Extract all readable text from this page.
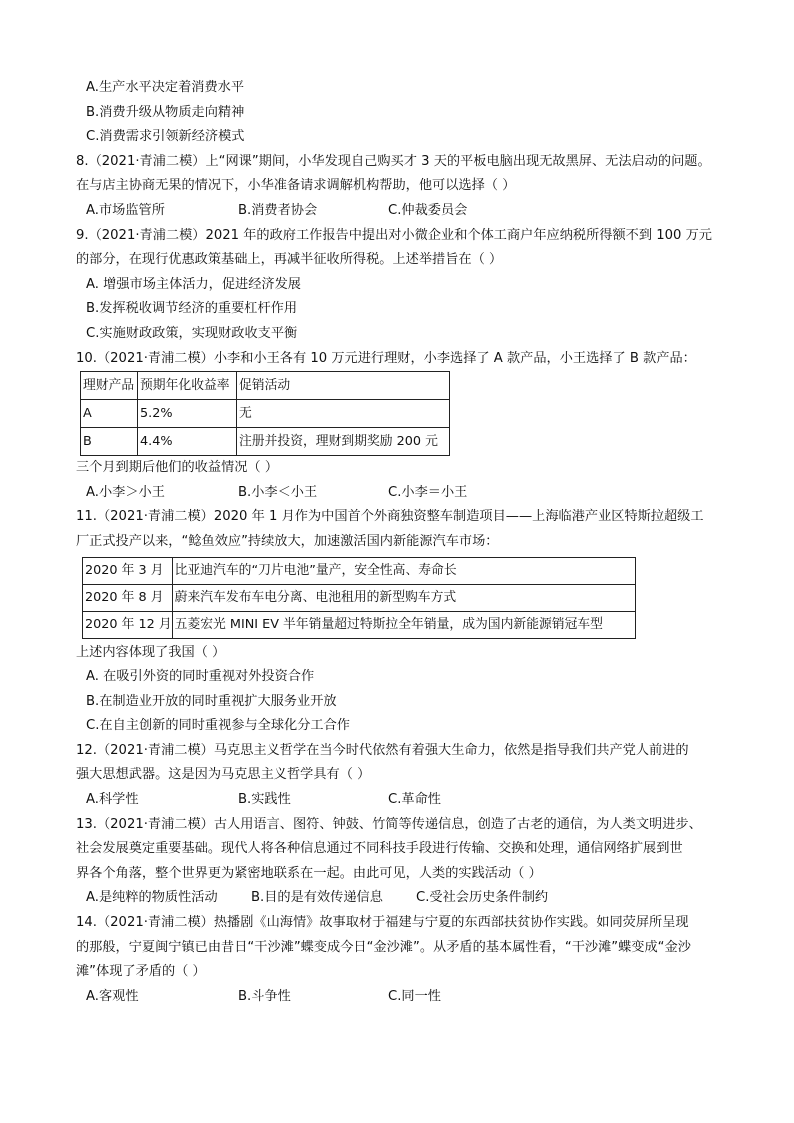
A.生产水平决定着消费水平
B.消费升级从物质走向精神
C.消费需求引领新经济模式
8.（2021·青浦二模）上“网课”期间，小华发现自己购买才 3 天的平板电脑出现无故黑屏、无法启动的问题。
在与店主协商无果的情况下，小华准备请求调解机构帮助，他可以选择（ ）
A.市场监管所	B.消费者协会	C.仲裁委员会
9.（2021·青浦二模）2021 年的政府工作报告中提出对小微企业和个体工商户年应纳税所得额不到 100 万元
的部分，在现行优惠政策基础上，再减半征收所得税。上述举措旨在（ ）
A. 增强市场主体活力，促进经济发展
B.发挥税收调节经济的重要杠杆作用
C.实施财政政策，实现财政收支平衡
10.（2021·青浦二模）小李和小王各有 10 万元进行理财，小李选择了 A 款产品，小王选择了 B 款产品：
理财产品	预期年化收益率	促销活动
A	5.2%	无
B	4.4%	注册并投资，理财到期奖励 200 元
三个月到期后他们的收益情况（ ）
A.小李＞小王	B.小李＜小王	C.小李＝小王
11.（2021·青浦二模）2020 年 1 月作为中国首个外商独资整车制造项目——上海临港产业区特斯拉超级工
厂正式投产以来，“鲶鱼效应”持续放大，加速激活国内新能源汽车市场：
2020 年 3 月	比亚迪汽车的“刀片电池”量产，安全性高、寿命长
2020 年 8 月	蔚来汽车发布车电分离、电池租用的新型购车方式
2020 年 12 月	五菱宏光 MINI EV 半年销量超过特斯拉全年销量，成为国内新能源销冠车型
上述内容体现了我国（ ）
A. 在吸引外资的同时重视对外投资合作
B.在制造业开放的同时重视扩大服务业开放
C.在自主创新的同时重视参与全球化分工合作
12.（2021·青浦二模）马克思主义哲学在当今时代依然有着强大生命力，依然是指导我们共产党人前进的
强大思想武器。这是因为马克思主义哲学具有（ ）
A.科学性	B.实践性	C.革命性
13.（2021·青浦二模）古人用语言、图符、钟鼓、竹简等传递信息，创造了古老的通信，为人类文明进步、
社会发展奠定重要基础。现代人将各种信息通过不同科技手段进行传输、交换和处理，通信网络扩展到世
界各个角落，整个世界更为紧密地联系在一起。由此可见，人类的实践活动（ ）
A.是纯粹的物质性活动	B.目的是有效传递信息	C.受社会历史条件制约
14.（2021·青浦二模）热播剧《山海情》故事取材于福建与宁夏的东西部扶贫协作实践。如同荧屏所呈现
的那般，宁夏闽宁镇已由昔日“干沙滩”蝶变成今日“金沙滩”。从矛盾的基本属性看，“干沙滩”蝶变成“金沙
滩”体现了矛盾的（ ）
A.客观性	B.斗争性	C.同一性
